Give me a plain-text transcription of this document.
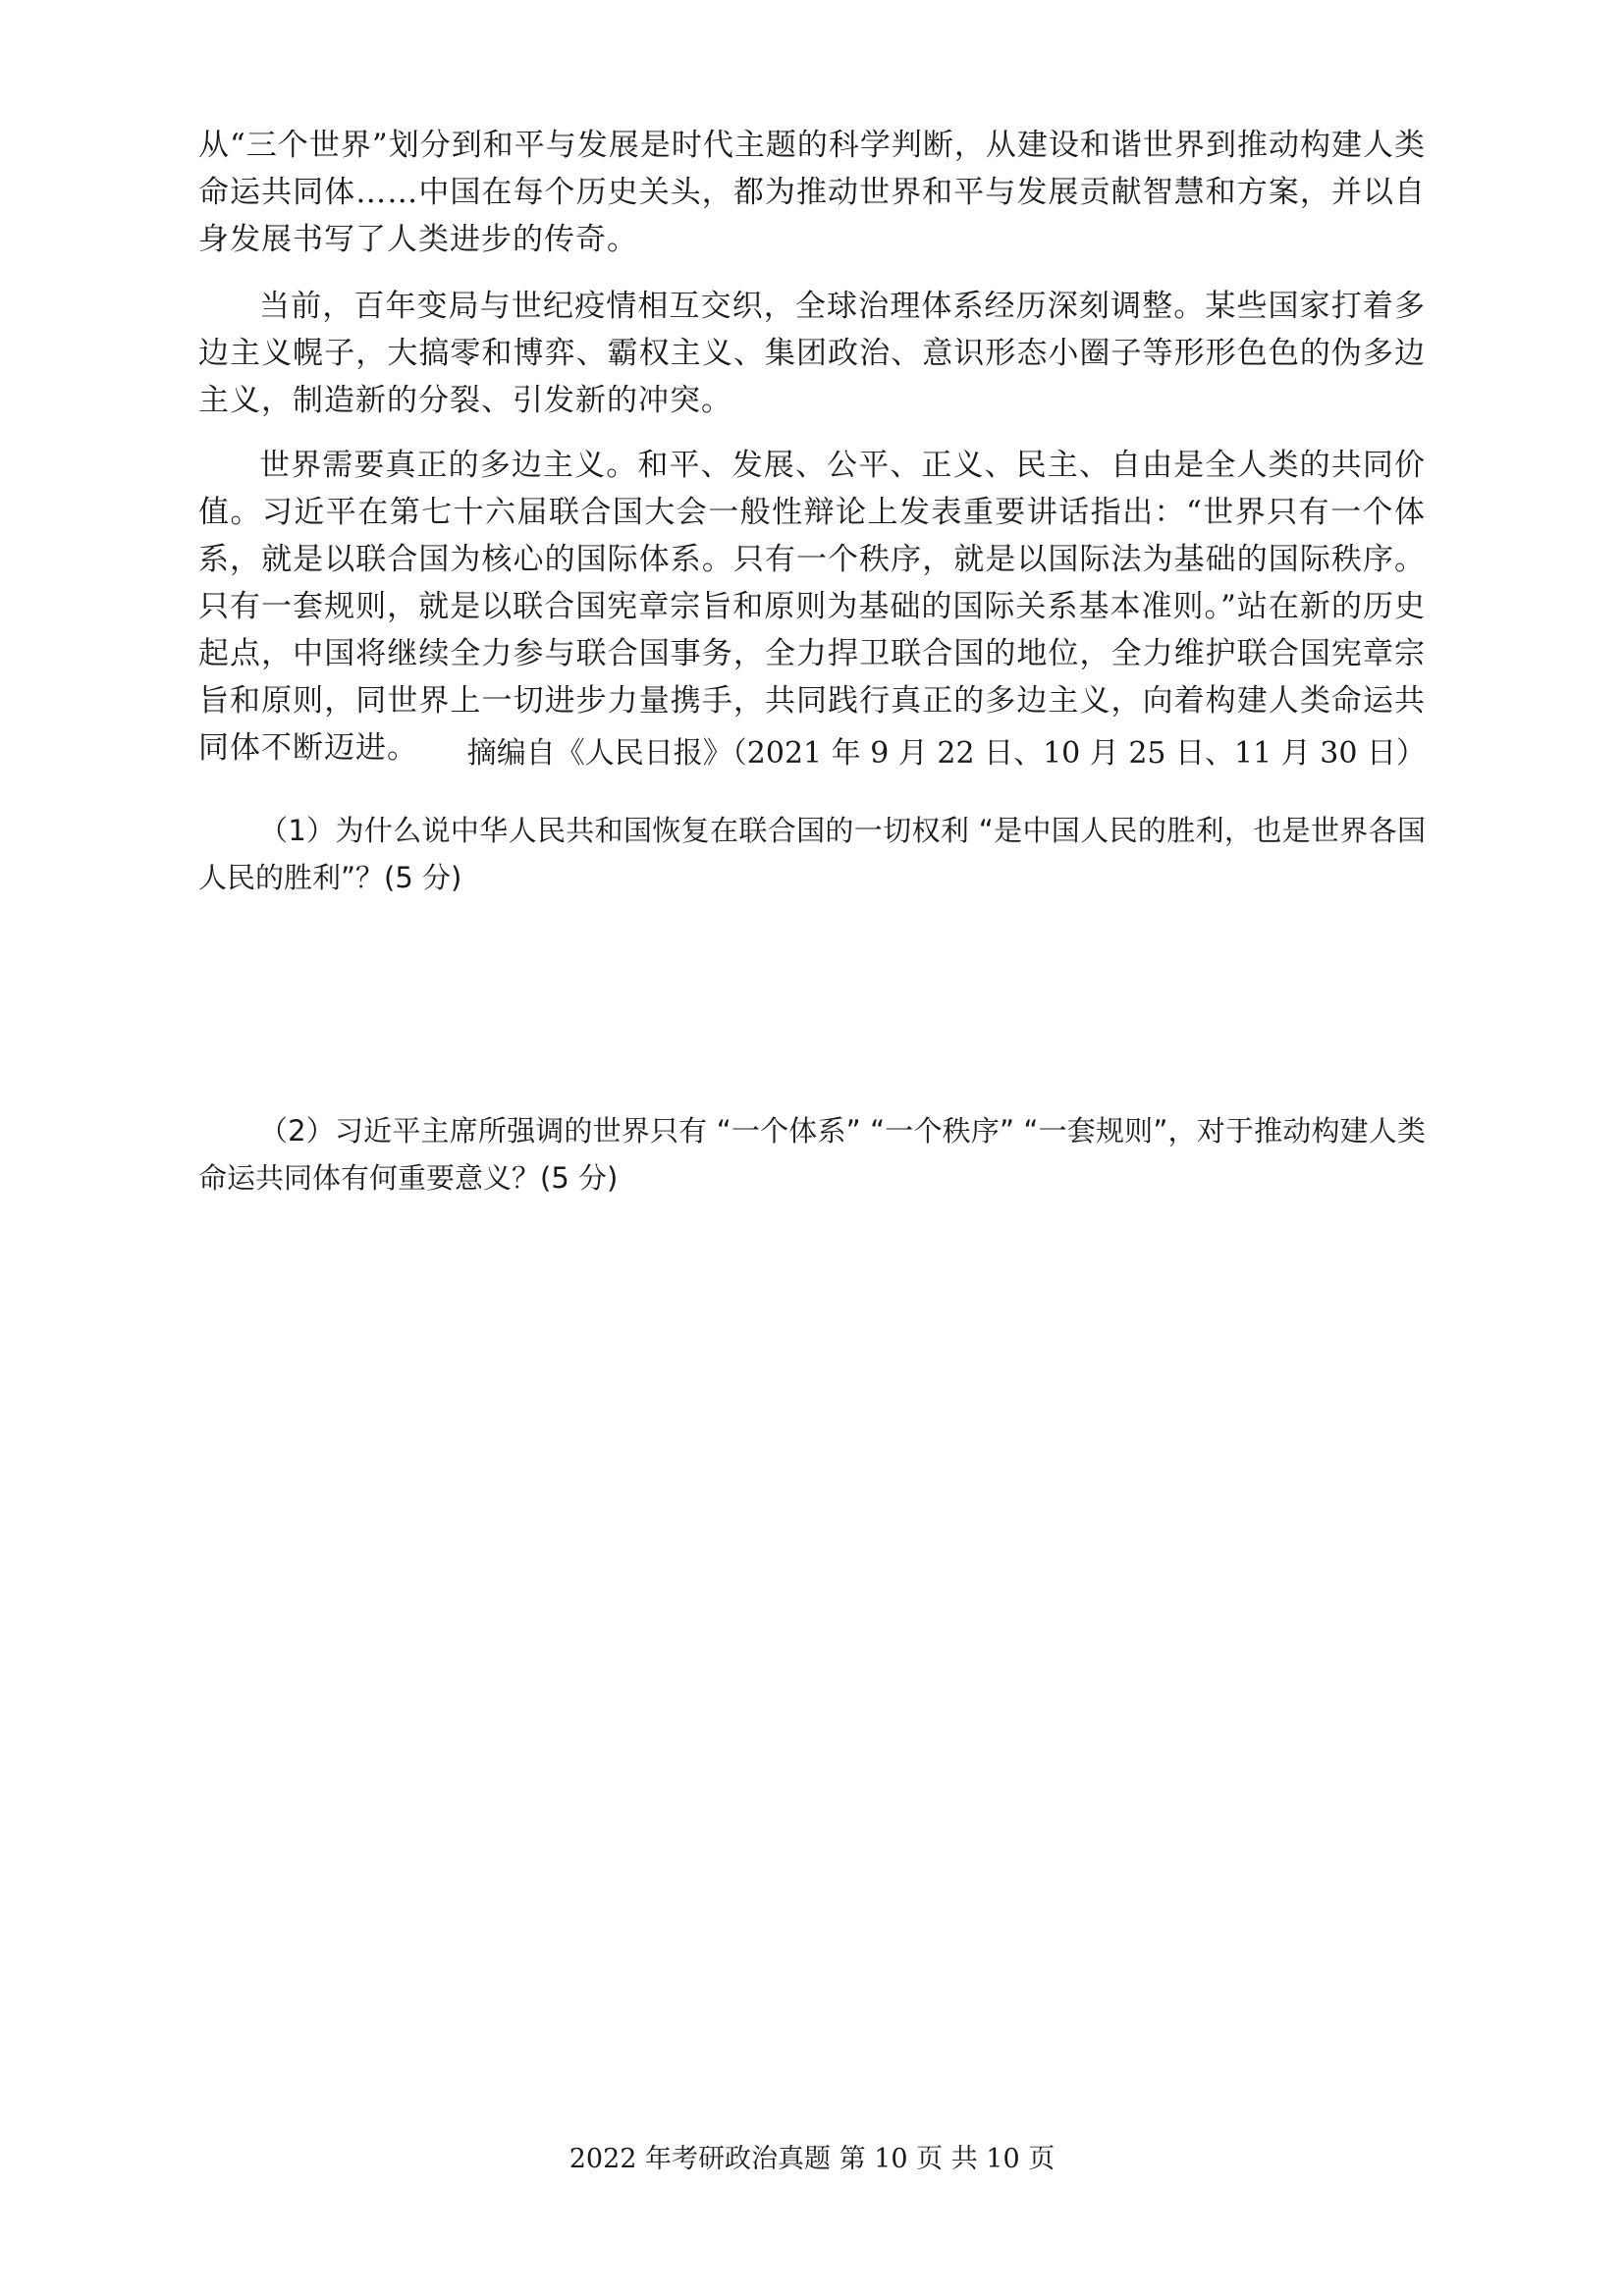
从“三个世界”划分到和平与发展是时代主题的科学判断，从建设和谐世界到推动构建人类命运共同体……中国在每个历史关头，都为推动世界和平与发展贡献智慧和方案，并以自身发展书写了人类进步的传奇。

当前，百年变局与世纪疫情相互交织，全球治理体系经历深刻调整。某些国家打着多边主义幌子，大搞零和博弈、霸权主义、集团政治、意识形态小圈子等形形色色的伪多边主义，制造新的分裂、引发新的冲突。

世界需要真正的多边主义。和平、发展、公平、正义、民主、自由是全人类的共同价值。习近平在第七十六届联合国大会一般性辩论上发表重要讲话指出：“世界只有一个体系，就是以联合国为核心的国际体系。只有一个秩序，就是以国际法为基础的国际秩序。只有一套规则，就是以联合国宪章宗旨和原则为基础的国际关系基本准则。”站在新的历史起点，中国将继续全力参与联合国事务，全力捍卫联合国的地位，全力维护联合国宪章宗旨和原则，同世界上一切进步力量携手，共同践行真正的多边主义，向着构建人类命运共同体不断迈进。	摘编自《人民日报》（2021 年 9 月 22 日、10 月 25 日、11 月 30 日）

（1）为什么说中华人民共和国恢复在联合国的一切权利 “是中国人民的胜利，也是世界各国人民的胜利”？(5 分)

（2）习近平主席所强调的世界只有 “一个体系” “一个秩序” “一套规则”，对于推动构建人类命运共同体有何重要意义？(5 分)

2022 年考研政治真题 第 10 页 共 10 页
